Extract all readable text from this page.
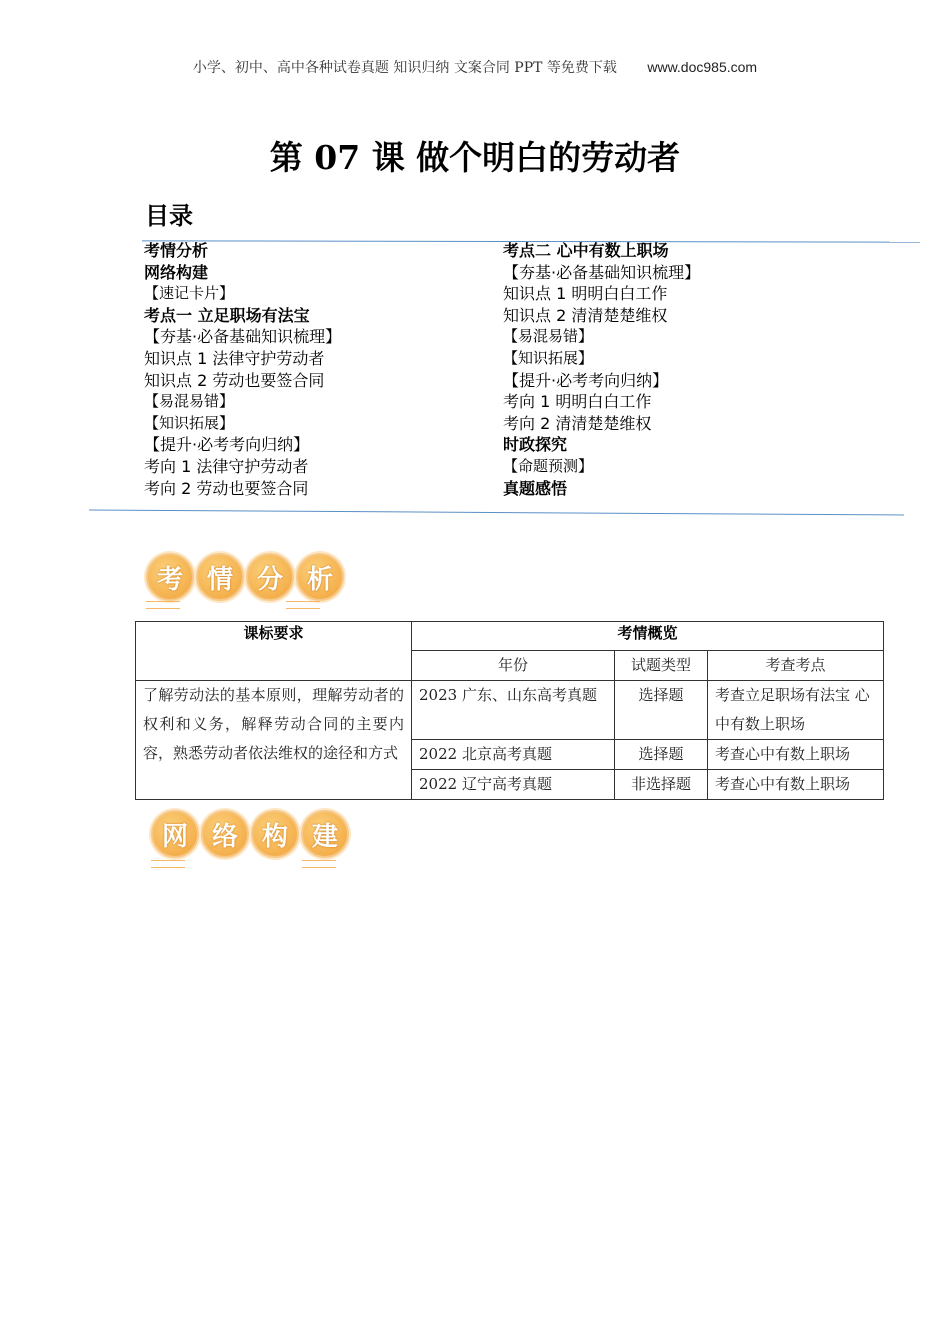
小学、初中、高中各种试卷真题 知识归纳 文案合同 PPT 等免费下载 www.doc985.com
第 07 课 做个明白的劳动者
目录
考情分析
网络构建
【速记卡片】
考点一 立足职场有法宝
【夯基·必备基础知识梳理】
知识点 1 法律守护劳动者
知识点 2 劳动也要签合同
【易混易错】
【知识拓展】
【提升·必考考向归纳】
考向 1 法律守护劳动者
考向 2 劳动也要签合同
考点二 心中有数上职场
【夯基·必备基础知识梳理】
知识点 1 明明白白工作
知识点 2 清清楚楚维权
【易混易错】
【知识拓展】
【提升·必考考向归纳】
考向 1 明明白白工作
考向 2 清清楚楚维权
时政探究
【命题预测】
真题感悟
考 情 分 析
课标要求	考情概览		
	年份	试题类型	考查考点
了解劳动法的基本原则，理解劳动者的权利和义务，解释劳动合同的主要内容，熟悉劳动者依法维权的途径和方式	2023 广东、山东高考真题	选择题	考查立足职场有法宝 心中有数上职场
	2022 北京高考真题	选择题	考查心中有数上职场
	2022 辽宁高考真题	非选择题	考查心中有数上职场
网 络 构 建
